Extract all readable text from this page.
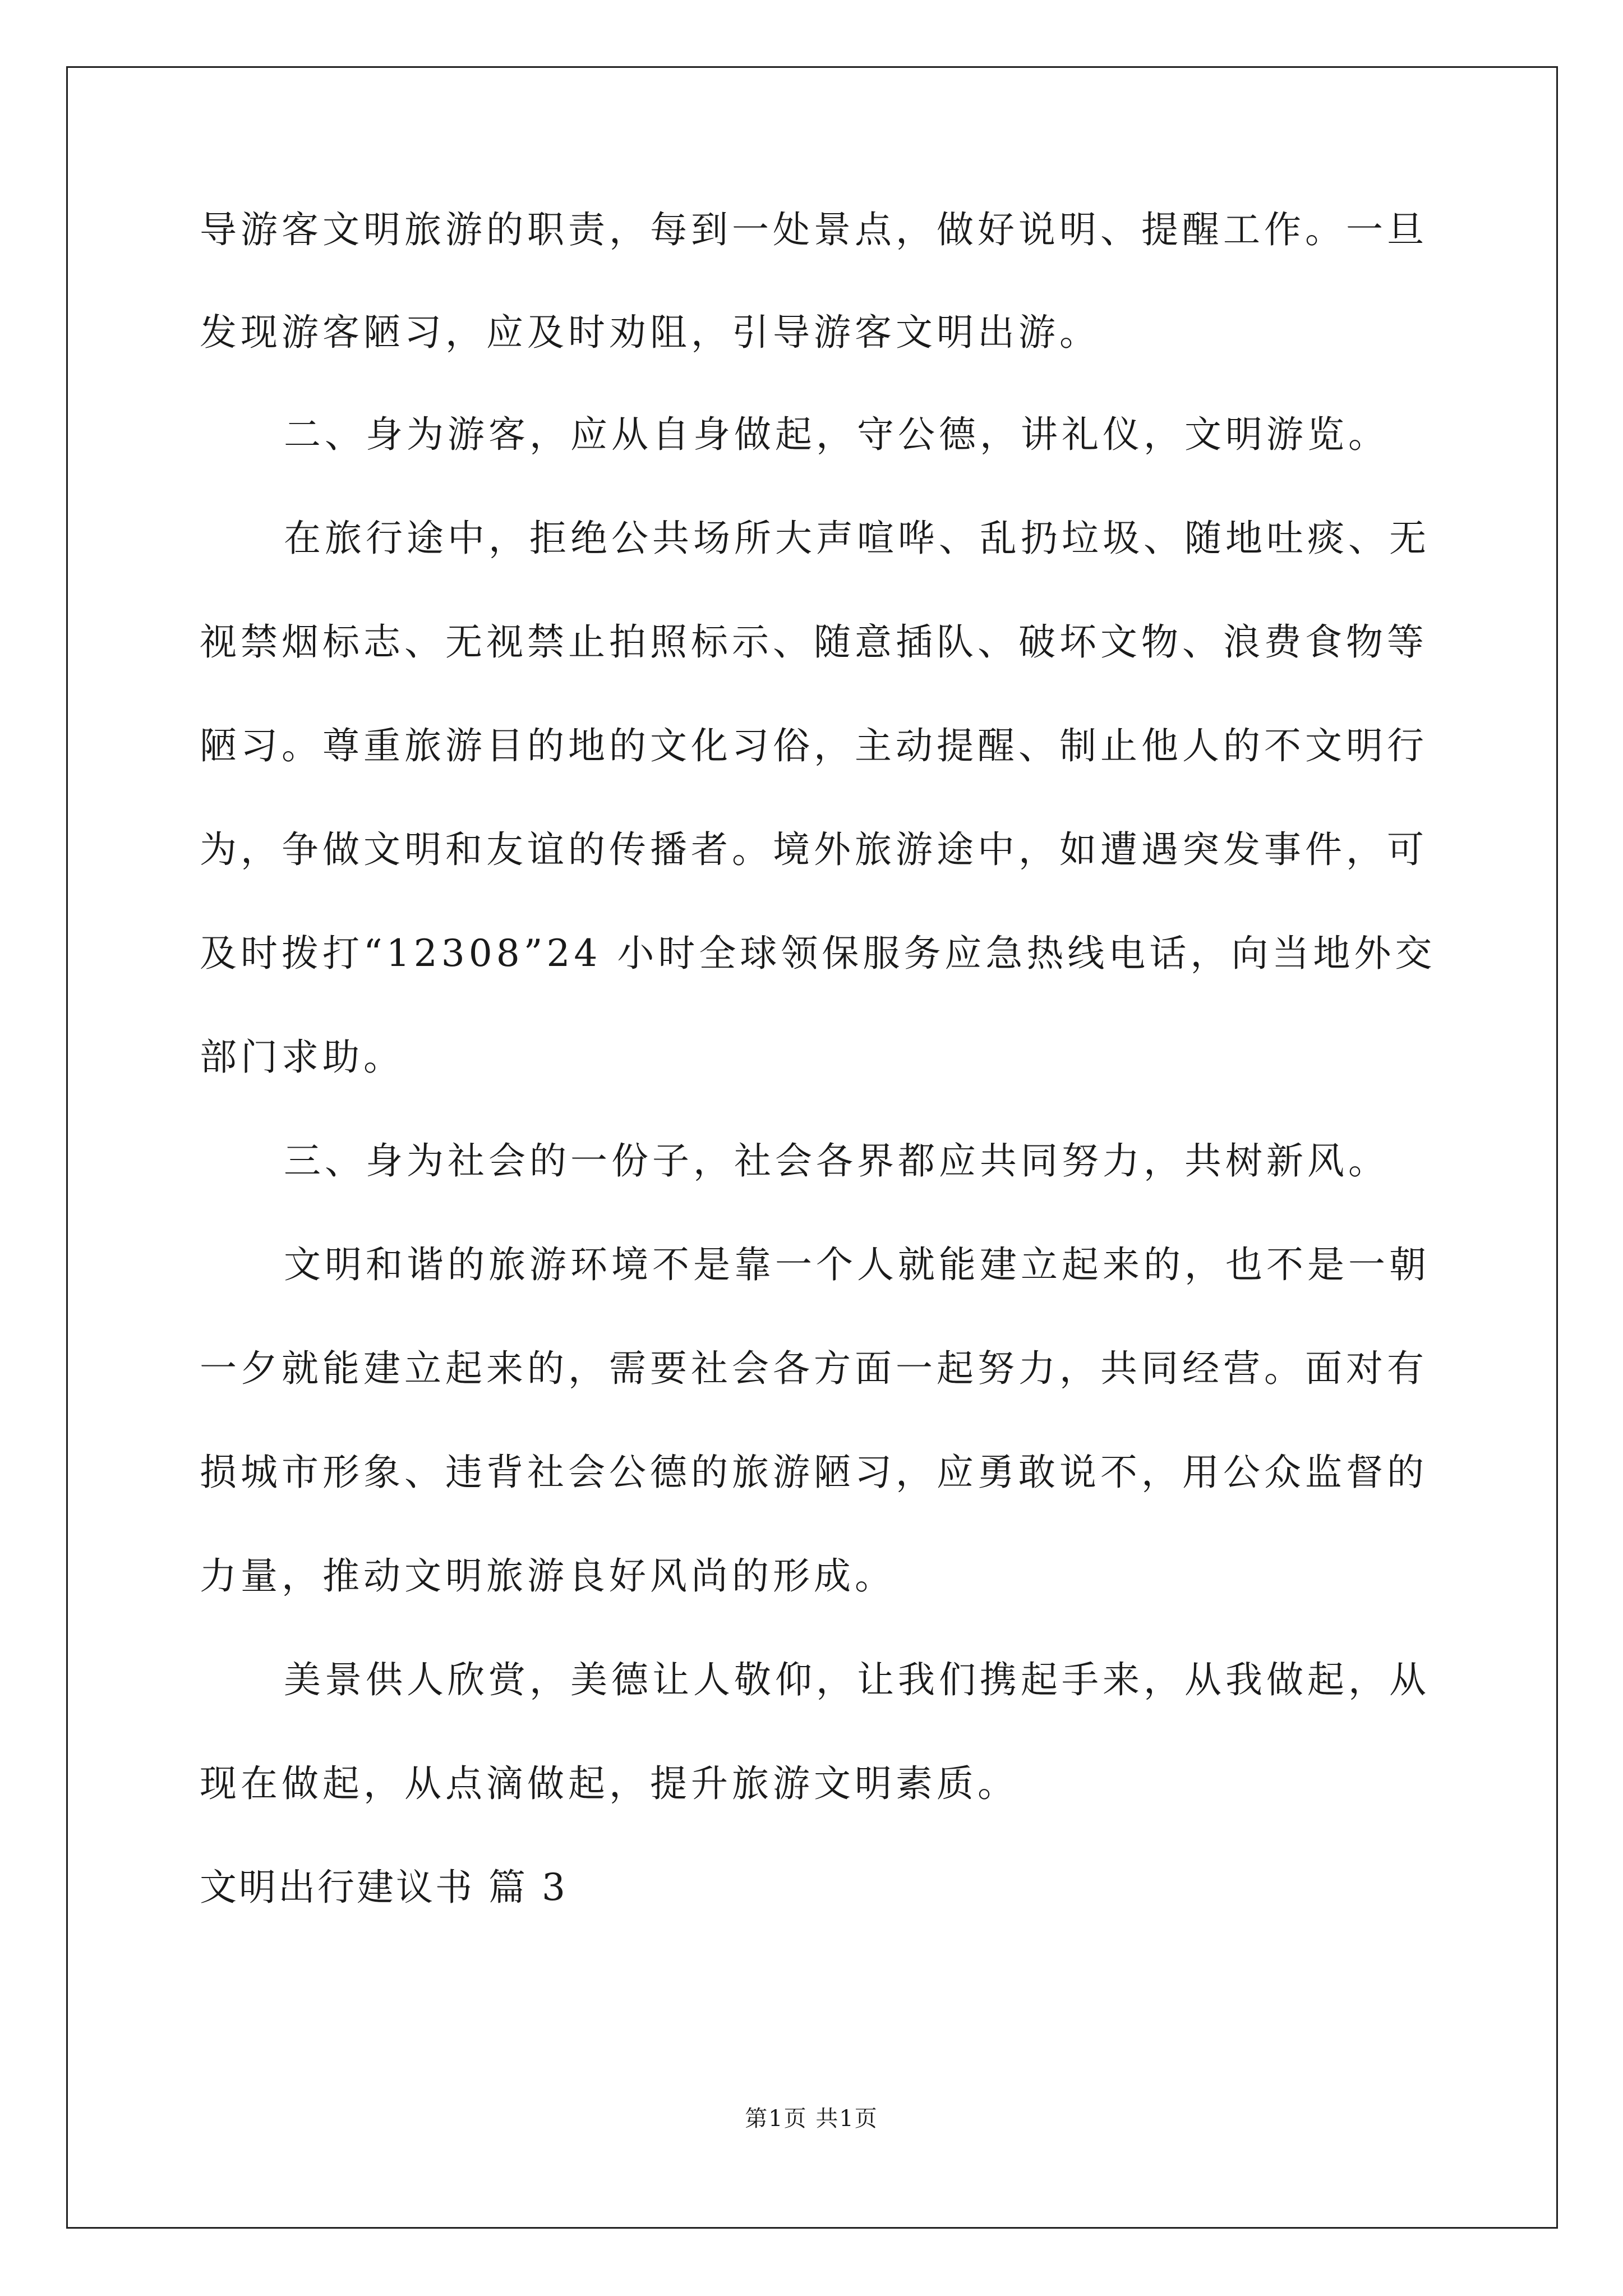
导游客文明旅游的职责，每到一处景点，做好说明、提醒工作。一旦
发现游客陋习，应及时劝阻，引导游客文明出游。
二、身为游客，应从自身做起，守公德，讲礼仪，文明游览。
在旅行途中，拒绝公共场所大声喧哗、乱扔垃圾、随地吐痰、无
视禁烟标志、无视禁止拍照标示、随意插队、破坏文物、浪费食物等
陋习。尊重旅游目的地的文化习俗，主动提醒、制止他人的不文明行
为，争做文明和友谊的传播者。境外旅游途中，如遭遇突发事件，可
及时拨打“12308”24 小时全球领保服务应急热线电话，向当地外交
部门求助。
三、身为社会的一份子，社会各界都应共同努力，共树新风。
文明和谐的旅游环境不是靠一个人就能建立起来的，也不是一朝
一夕就能建立起来的，需要社会各方面一起努力，共同经营。面对有
损城市形象、违背社会公德的旅游陋习，应勇敢说不，用公众监督的
力量，推动文明旅游良好风尚的形成。
美景供人欣赏，美德让人敬仰，让我们携起手来，从我做起，从
现在做起，从点滴做起，提升旅游文明素质。
文明出行建议书 篇 3
第1页 共1页
